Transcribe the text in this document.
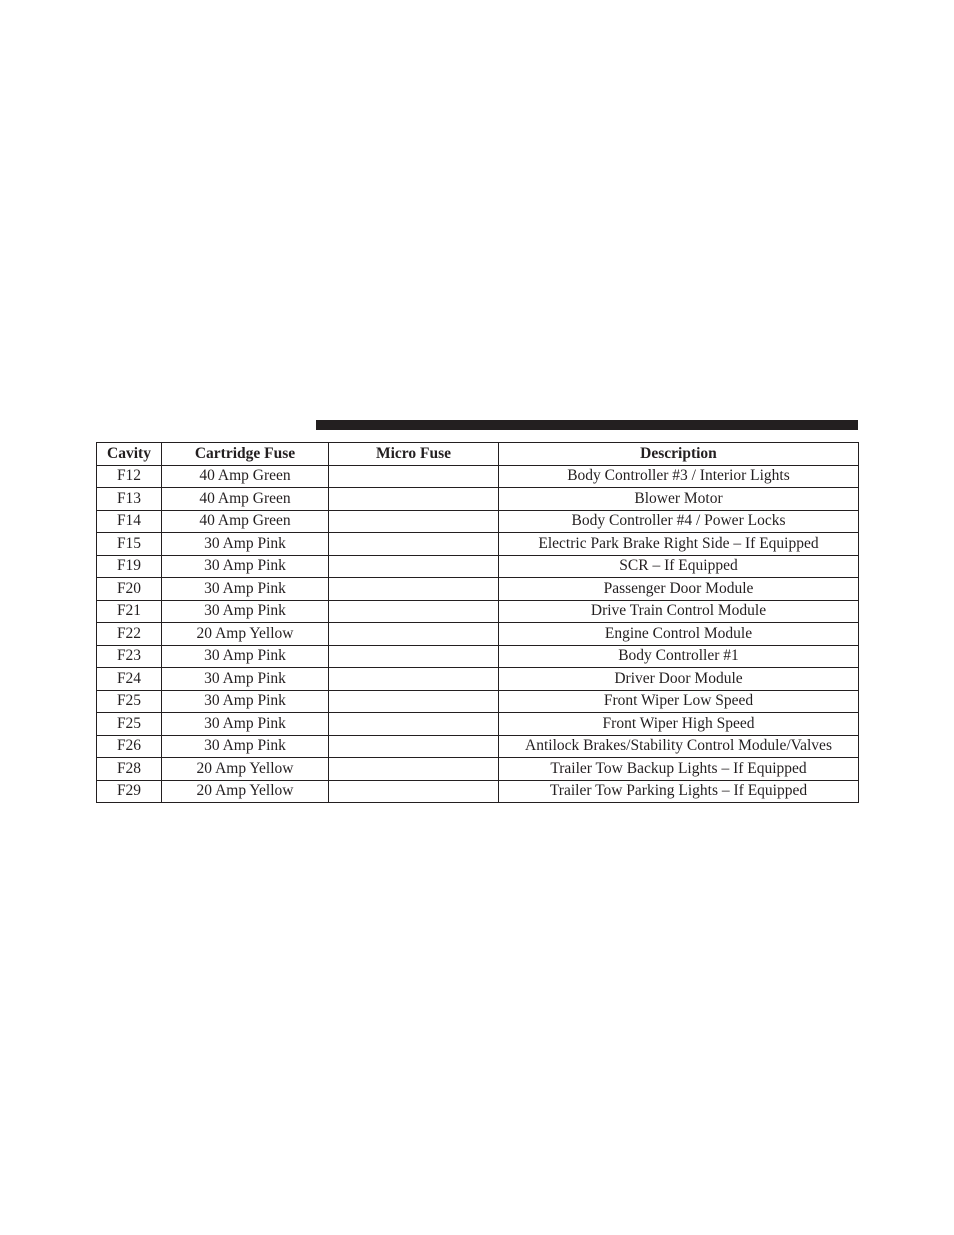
Cavity	Cartridge Fuse	Micro Fuse	Description
F12	40 Amp Green		Body Controller #3 / Interior Lights
F13	40 Amp Green		Blower Motor
F14	40 Amp Green		Body Controller #4 / Power Locks
F15	30 Amp Pink		Electric Park Brake Right Side – If Equipped
F19	30 Amp Pink		SCR – If Equipped
F20	30 Amp Pink		Passenger Door Module
F21	30 Amp Pink		Drive Train Control Module
F22	20 Amp Yellow		Engine Control Module
F23	30 Amp Pink		Body Controller #1
F24	30 Amp Pink		Driver Door Module
F25	30 Amp Pink		Front Wiper Low Speed
F25	30 Amp Pink		Front Wiper High Speed
F26	30 Amp Pink		Antilock Brakes/Stability Control Module/Valves
F28	20 Amp Yellow		Trailer Tow Backup Lights – If Equipped
F29	20 Amp Yellow		Trailer Tow Parking Lights – If Equipped
